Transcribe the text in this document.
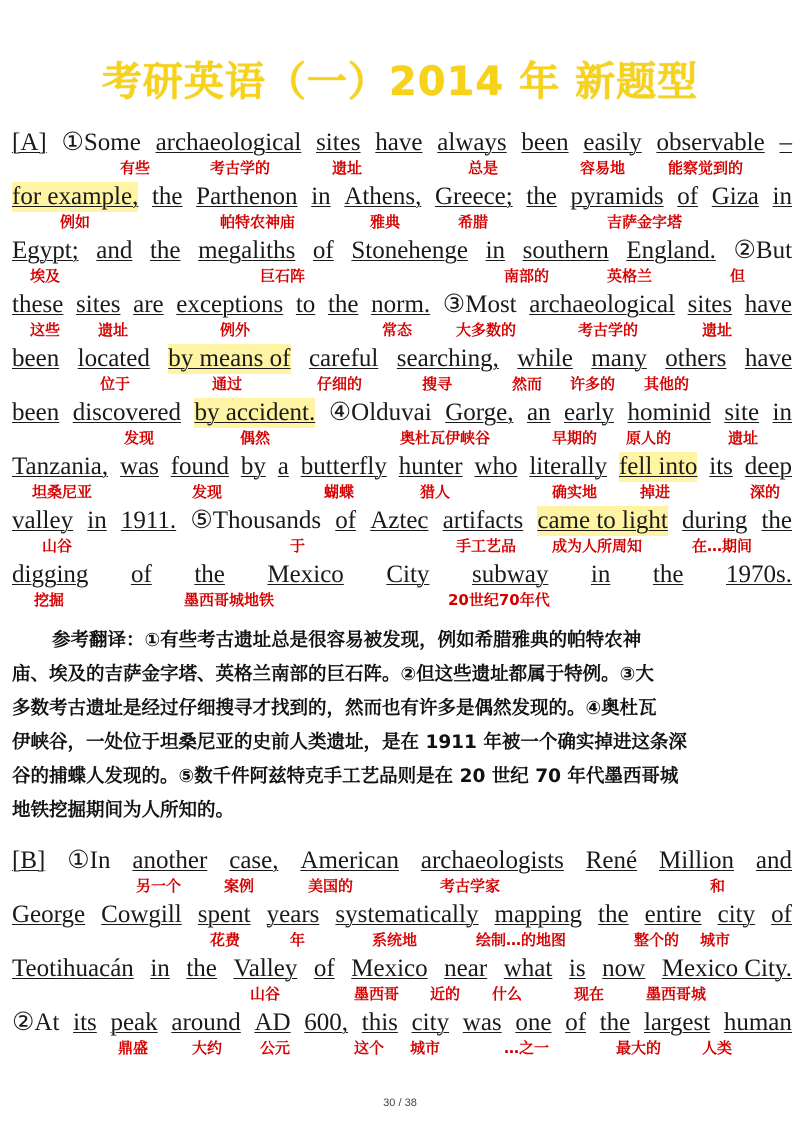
考研英语（一）2014 年 新题型
[A] ①Some archaeological sites have always been easily observable –
有些	考古学的	遗址	总是	容易地	能察觉到的
for example, the Parthenon in Athens, Greece; the pyramids of Giza in
例如	帕特农神庙	雅典	希腊	吉萨金字塔
Egypt; and the megaliths of Stonehenge in southern England. ②But
埃及	巨石阵	南部的	英格兰	但
these sites are exceptions to the norm. ③Most archaeological sites have
这些	遗址	例外	常态	大多数的	考古学的	遗址
been located by means of careful searching, while many others have
位于	通过	仔细的	搜寻	然而 许多的 其他的
been discovered by accident. ④Olduvai Gorge, an early hominid site in
发现	偶然	奥杜瓦伊峡谷	早期的 原人的	遗址
Tanzania, was found by a butterfly hunter who literally fell into its deep
坦桑尼亚	发现	蝴蝶	猎人	确实地	掉进	深的
valley in 1911. ⑤Thousands of Aztec artifacts came to light during the
山谷	于	手工艺品 成为人所周知	在…期间
digging of the Mexico City subway in the 1970s.
挖掘	墨西哥城地铁	20世纪70年代
参考翻译：①有些考古遗址总是很容易被发现，例如希腊雅典的帕特农神
庙、埃及的吉萨金字塔、英格兰南部的巨石阵。②但这些遗址都属于特例。③大
多数考古遗址是经过仔细搜寻才找到的，然而也有许多是偶然发现的。④奥杜瓦
伊峡谷，一处位于坦桑尼亚的史前人类遗址，是在 1911 年被一个确实掉进这条深
谷的捕蝶人发现的。⑤数千件阿兹特克手工艺品则是在 20 世纪 70 年代墨西哥城
地铁挖掘期间为人所知的。
[B] ①In another case, American archaeologists René Million and
另一个	案例	美国的	考古学家	和
George Cowgill spent years systematically mapping the entire city of
花费	年	系统地	绘制…的地图	整个的 城市
Teotihuacán in the Valley of Mexico near what is now Mexico City.
山谷	墨西哥 近的 什么	现在	墨西哥城
②At its peak around AD 600, this city was one of the largest human
鼎盛	大约	公元	这个 城市	…之一	最大的	人类
30 / 38
